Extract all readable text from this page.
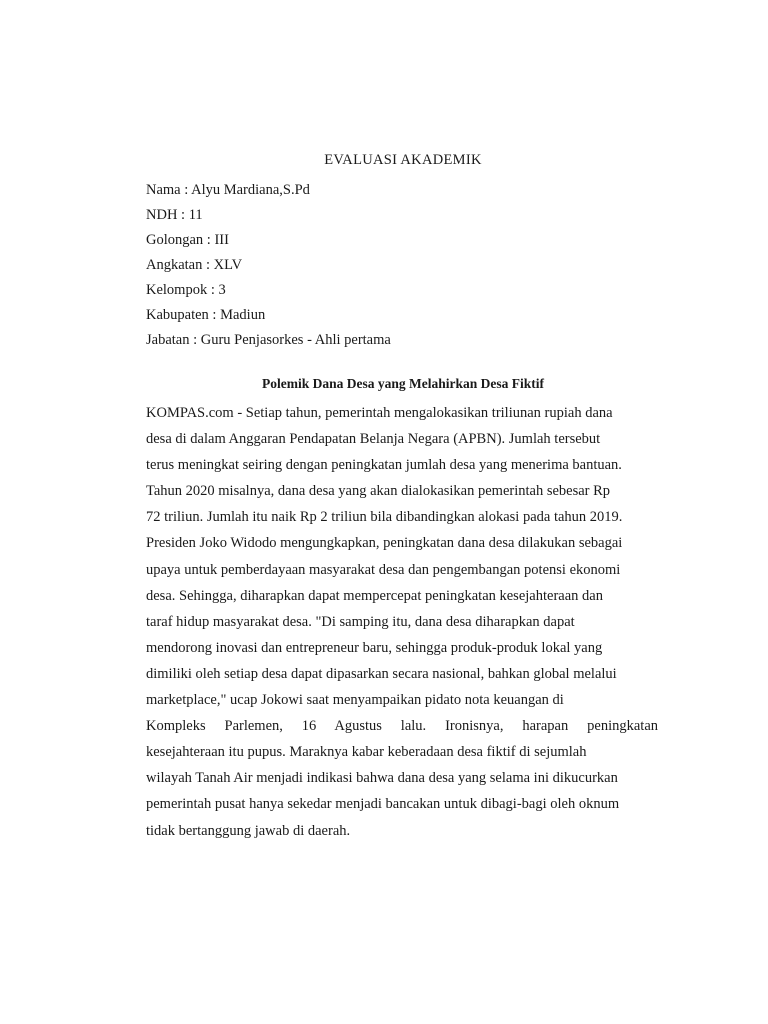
EVALUASI AKADEMIK
Nama : Alyu Mardiana,S.Pd
NDH : 11
Golongan : III
Angkatan : XLV
Kelompok : 3
Kabupaten : Madiun
Jabatan : Guru Penjasorkes - Ahli pertama
Polemik Dana Desa yang Melahirkan Desa Fiktif
KOMPAS.com - Setiap tahun, pemerintah mengalokasikan triliunan rupiah dana
desa di dalam Anggaran Pendapatan Belanja Negara (APBN). Jumlah tersebut
terus meningkat seiring dengan peningkatan jumlah desa yang menerima bantuan.
Tahun 2020 misalnya, dana desa yang akan dialokasikan pemerintah sebesar Rp
72 triliun. Jumlah itu naik Rp 2 triliun bila dibandingkan alokasi pada tahun 2019.
Presiden Joko Widodo mengungkapkan, peningkatan dana desa dilakukan sebagai
upaya untuk pemberdayaan masyarakat desa dan pengembangan potensi ekonomi
desa. Sehingga, diharapkan dapat mempercepat peningkatan kesejahteraan dan
taraf hidup masyarakat desa. "Di samping itu, dana desa diharapkan dapat
mendorong inovasi dan entrepreneur baru, sehingga produk-produk lokal yang
dimiliki oleh setiap desa dapat dipasarkan secara nasional, bahkan global melalui
marketplace," ucap Jokowi saat menyampaikan pidato nota keuangan di
Kompleks Parlemen, 16 Agustus lalu. Ironisnya, harapan peningkatan
kesejahteraan itu pupus. Maraknya kabar keberadaan desa fiktif di sejumlah
wilayah Tanah Air menjadi indikasi bahwa dana desa yang selama ini dikucurkan
pemerintah pusat hanya sekedar menjadi bancakan untuk dibagi-bagi oleh oknum
tidak bertanggung jawab di daerah.
